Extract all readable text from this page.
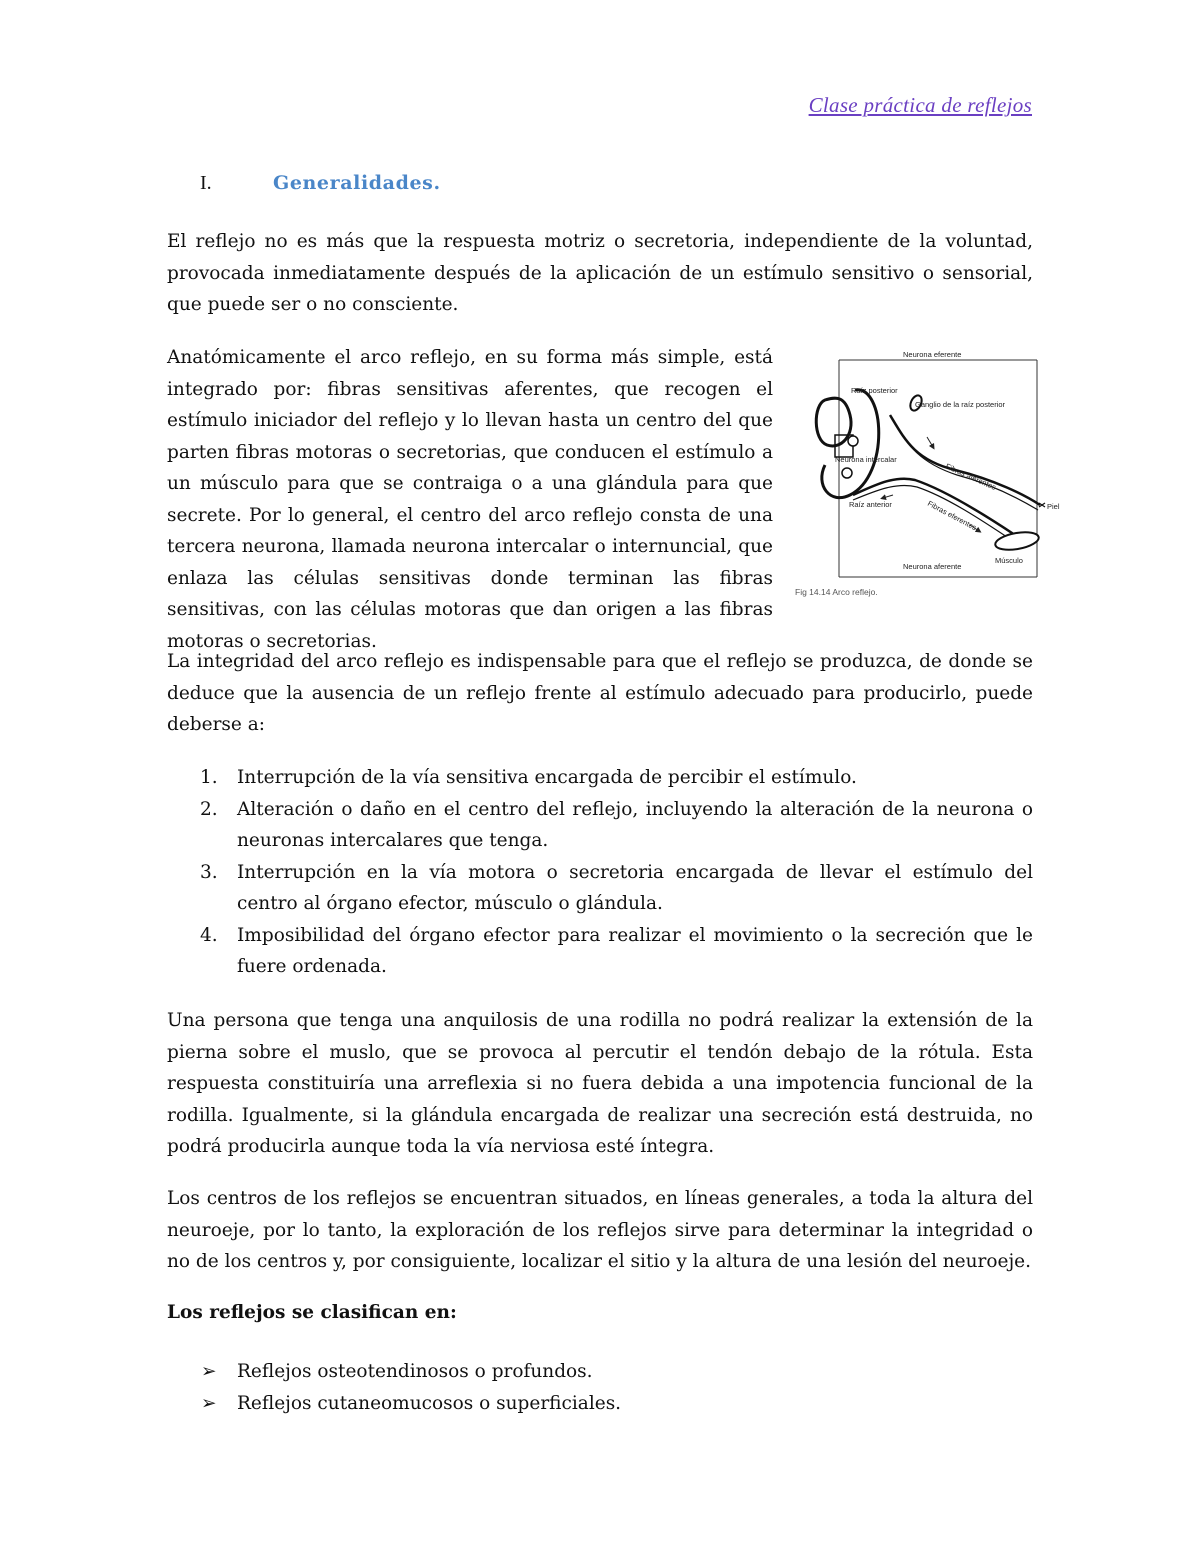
Clase práctica de reflejos
I.	Generalidades.

El reflejo no es más que la respuesta motriz o secretoria, independiente de la voluntad, provocada inmediatamente después de la aplicación de un estímulo sensitivo o sensorial, que puede ser o no consciente.

Anatómicamente el arco reflejo, en su forma más simple, está integrado por: fibras sensitivas aferentes, que recogen el estímulo iniciador del reflejo y lo llevan hasta un centro del que parten fibras motoras o secretorias, que conducen el estímulo a un músculo para que se contraiga o a una glándula para que secrete. Por lo general, el centro del arco reflejo consta de una tercera neurona, llamada neurona intercalar o internuncial, que enlaza las células sensitivas donde terminan las fibras sensitivas, con las células motoras que dan origen a las fibras motoras o secretorias.

Neurona eferente
Raíz posterior
Ganglio de la raíz posterior
Neurona intercalar
Fibras aferentes
Raíz anterior	Fibras eferentes	Piel
Neurona aferente
Músculo
Fig 14.14 Arco reflejo.

La integridad del arco reflejo es indispensable para que el reflejo se produzca, de donde se deduce que la ausencia de un reflejo frente al estímulo adecuado para producirlo, puede deberse a:

1. Interrupción de la vía sensitiva encargada de percibir el estímulo.
2. Alteración o daño en el centro del reflejo, incluyendo la alteración de la neurona o neuronas intercalares que tenga.
3. Interrupción en la vía motora o secretoria encargada de llevar el estímulo del centro al órgano efector, músculo o glándula.
4. Imposibilidad del órgano efector para realizar el movimiento o la secreción que le fuere ordenada.

Una persona que tenga una anquilosis de una rodilla no podrá realizar la extensión de la pierna sobre el muslo, que se provoca al percutir el tendón debajo de la rótula. Esta respuesta constituiría una arreflexia si no fuera debida a una impotencia funcional de la rodilla. Igualmente, si la glándula encargada de realizar una secreción está destruida, no podrá producirla aunque toda la vía nerviosa esté íntegra.

Los centros de los reflejos se encuentran situados, en líneas generales, a toda la altura del neuroeje, por lo tanto, la exploración de los reflejos sirve para determinar la integridad o no de los centros y, por consiguiente, localizar el sitio y la altura de una lesión del neuroeje.

Los reflejos se clasifican en:
➢ Reflejos osteotendinosos o profundos.
➢ Reflejos cutaneomucosos o superficiales.
